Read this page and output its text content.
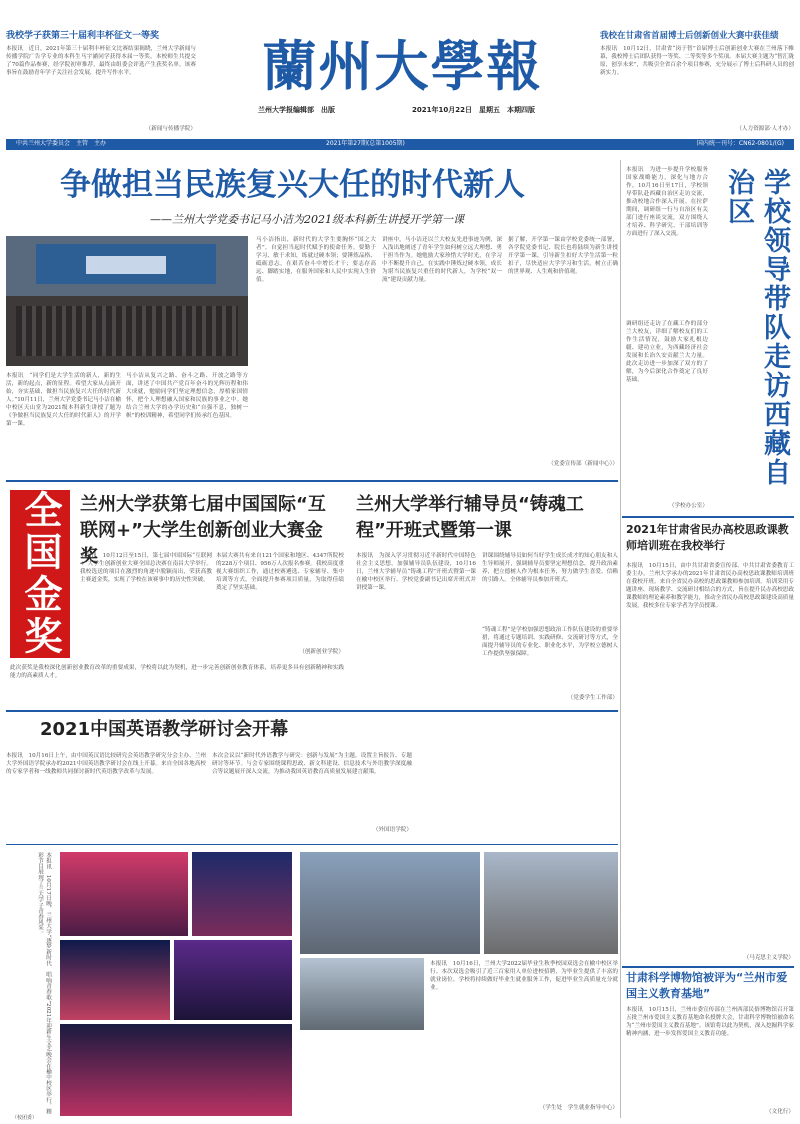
我校学子获第三十届利丰杯征文一等奖
本报讯　近日，2021年第三十届利丰杯征文比赛结果揭晓，兰州大学新闻与传播学院广告学专业的本科生马宇涵同学获得本届一等奖。本校师生共提交了70篇作品参赛，经学院初审推荐，最终由组委会评选产生获奖名单。该赛事旨在鼓励青年学子关注社会发展，提升写作水平。
（新闻与传播学院）
蘭州大學報
兰州大学报编辑部　出版	2021年10月22日　星期五　本期四版
我校在甘肃省首届博士后创新创业大赛中获佳绩
本报讯　10月12日，甘肃省“岗于智”首届博士后创新创业大赛在兰州落下帷幕，我校博士后团队获得一等奖、二等奖等多个奖项。本届大赛主题为“智汇陇原，创享未来”，共吸引全省百余个项目参赛，充分展示了博士后科研人员的创新实力。
（人力资源部·人才办）
中共兰州大学委员会　主管　主办	2021年第27期(总第1005期)	国内统一刊号：CN62-0801/(G)
争做担当民族复兴大任的时代新人
——兰州大学党委书记马小洁为2021级本科新生讲授开学第一课
本报讯　“同学们是大学生活的新人，新的生活，新的起点，新的征程。希望大家从点滴开始，夯实基础，做担当民族复兴大任的时代新人。”10月11日，兰州大学党委书记马小洁在榆中校区天山堂为2021级本科新生讲授了题为《争做担当民族复兴大任的时代新人》的开学第一课。
马小洁从复兴之路、奋斗之路、开放之路等方面，讲述了中国共产党百年奋斗的光辉历程和伟大成就，勉励同学们坚定理想信念，厚植家国情怀，把个人理想融入国家和民族的事业之中。她结合兰州大学的办学历史和“自强不息，独树一帜”的校训精神，希望同学们传承红色基因。
马小洁指出，新时代的大学生要胸怀“国之大者”，自觉担当起时代赋予的使命任务。要勤于学习、敏于求知，练就过硬本领；要锤炼品格、砥砺意志，在艰苦奋斗中增长才干；要志存高远、脚踏实地，在服务国家和人民中实现人生价值。
讲座中，马小洁还以兰大校友先进事迹为例，深入浅出地阐述了青年学生如何树立远大理想、勇于担当作为。她勉励大家珍惜大学时光，在学习中不断提升自己，在实践中锤炼过硬本领，成长为堪当民族复兴重任的时代新人，为学校“双一流”建设贡献力量。
据了解，开学第一课由学校党委统一部署，各学院党委书记、院长也将陆续为新生讲授开学第一课，引导新生扣好大学生活第一粒扣子，尽快适应大学学习和生活，树立正确的世界观、人生观和价值观。
（党委宣传部（新闻中心））
本报讯　为进一步提升学校服务国家战略能力，深化与地方合作，10月16日至17日，学校领导带队赴西藏自治区走访交流，推动校地合作深入开展。在拉萨期间，调研组一行与自治区有关部门进行座谈交流，双方围绕人才培养、科学研究、干部培训等方面进行了深入交流。
调研组还走访了在藏工作的部分兰大校友，详细了解校友们的工作生活情况，鼓励大家扎根边疆、建功立业，为西藏经济社会发展和长治久安贡献兰大力量。此次走访进一步加深了双方的了解，为今后深化合作奠定了良好基础。
（学校办公室）
学校领导带队走访西藏自治区
全国金奖	兰州大学获第七届中国国际“互联网+”大学生创新创业大赛金奖
本报讯　10月12日至15日，第七届中国国际“互联网+”大学生创新创业大赛全国总决赛在南昌大学举行。我校选送的项目在激烈的角逐中脱颖而出，荣获高教主赛道金奖，实现了学校在该赛事中的历史性突破。
本届大赛共有来自121个国家和地区、4347所院校的228万个项目、956万人次报名参赛。我校高度重视大赛组织工作，通过校赛遴选、专家辅导、集中培训等方式，全面提升参赛项目质量，为取得佳绩奠定了坚实基础。
此次获奖是我校深化创新创业教育改革的重要成果，学校将以此为契机，进一步完善创新创业教育体系，培养更多具有创新精神和实践能力的高素质人才。
（创新创业学院）
兰州大学举行辅导员“铸魂工程”开班式暨第一课
本报讯　为深入学习贯彻习近平新时代中国特色社会主义思想，加强辅导员队伍建设，10月16日，兰州大学辅导员“铸魂工程”开班式暨第一课在榆中校区举行。学校党委副书记出席开班式并讲授第一课。
讲课围绕辅导员如何当好学生成长成才的知心朋友和人生导师展开，强调辅导员要坚定理想信念，提升政治素养，把立德树人作为根本任务，努力做学生喜爱、信赖的引路人。全体辅导员参加开班式。
“铸魂工程”是学校加强思想政治工作队伍建设的重要举措，将通过专题培训、实践研修、交流研讨等方式，全面提升辅导员的专业化、职业化水平，为学校立德树人工作提供坚强保障。
（党委学生工作部）
2021中国英语教学研讨会开幕
本报讯　10月16日上午，由中国英汉语比较研究会英语教学研究分会主办、兰州大学外国语学院承办的2021中国英语教学研讨会在线上开幕。来自全国各地高校的专家学者和一线教师共同探讨新时代英语教学改革与发展。
本次会议以“新时代外语教学与研究：创新与发展”为主题，设置主旨报告、专题研讨等环节。与会专家围绕课程思政、新文科建设、信息技术与外语教学深度融合等议题展开深入交流，为推动我国英语教育高质量发展建言献策。
（外国语学院）
本报讯　10月17日晚，兰州大学“逐梦新时代　唱响青春歌”2021年迎新生文艺晚会在榆中校区举行，精彩节目展现了兰大学子青春风采。
本报讯　10月16日，兰州大学2022届毕业生秋季校园双选会在榆中校区举行。本次双选会吸引了近三百家用人单位进校招聘，为毕业生提供了丰富的就业岗位。学校将持续做好毕业生就业服务工作，促进毕业生高质量充分就业。
（学生处　学生就业指导中心）
2021年甘肃省民办高校思政课教师培训班在我校举行
本报讯　10月15日，由中共甘肃省委宣传部、中共甘肃省委教育工委主办，兰州大学承办的2021年甘肃省民办高校思政课教师培训班在我校开班。来自全省民办高校的思政课教师参加培训。培训采用专题讲座、现场教学、交流研讨相结合的方式，旨在提升民办高校思政课教师的理论素养和教学能力，推动全省民办高校思政课建设高质量发展。我校多位专家学者为学员授课。
（马克思主义学院）
甘肃科学博物馆被评为“兰州市爱国主义教育基地”
本报讯　10月15日，兰州市委宣传部在兰州西部民俗博物馆召开第五批兰州市爱国主义教育基地命名授牌大会，甘肃科学博物馆被命名为“兰州市爱国主义教育基地”。该馆将以此为契机，深入挖掘科学家精神内涵，进一步发挥爱国主义教育功能。
（文化行）
（校团委）
